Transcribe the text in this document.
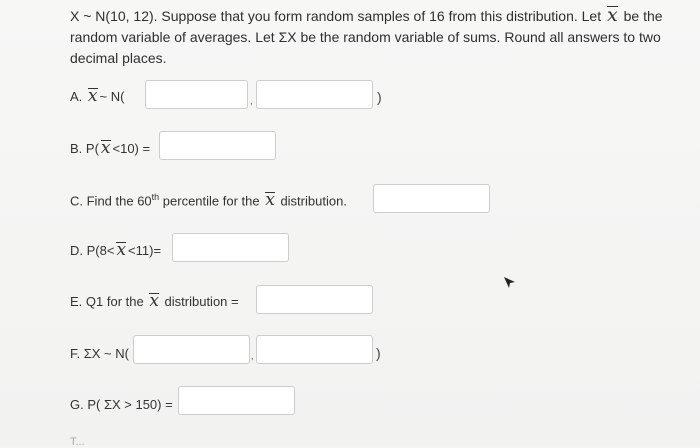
X ~ N(10, 12). Suppose that you form random samples of 16 from this distribution. Let x be the random variable of averages. Let ΣX be the random variable of sums. Round all answers to two decimal places.
A. x ~ N(	,	)
B. P( x <10) =
C. Find the 60th percentile for the x distribution.
D. P(8< x <11)=
E. Q1 for the x distribution =
F. ΣX ~ N(	,	)
G. P( ΣX > 150) =
T...
